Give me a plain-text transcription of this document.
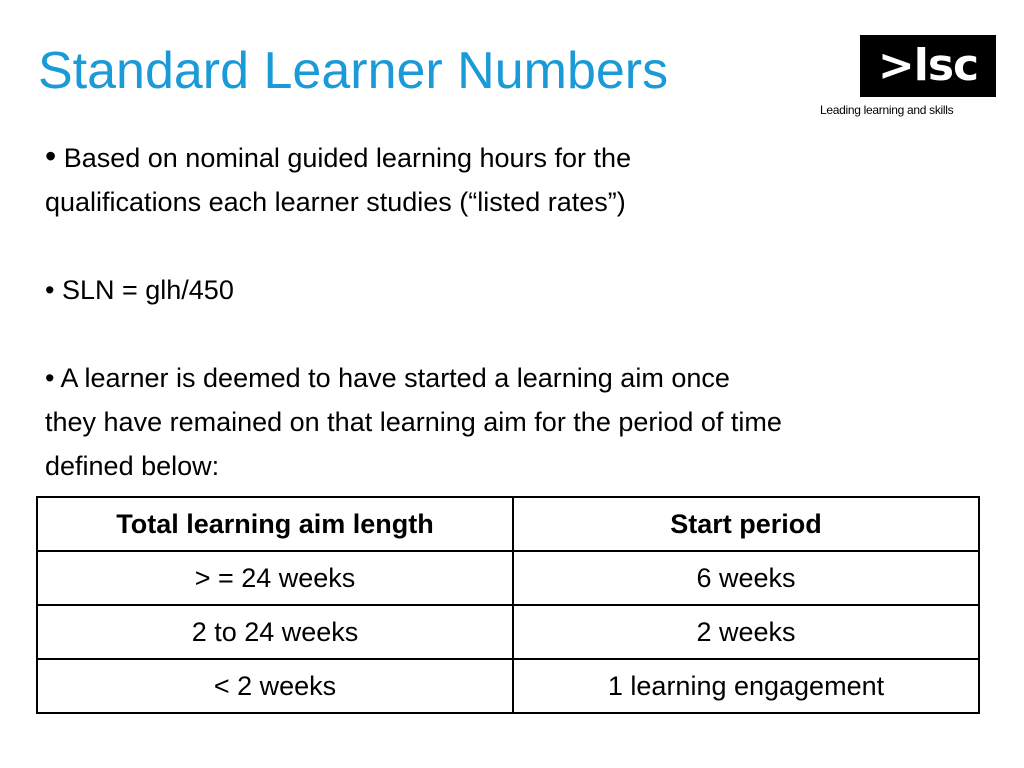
Standard Learner Numbers	>lsc
Leading learning and skills

• Based on nominal guided learning hours for the

qualifications each learner studies (“listed rates”)

• SLN = glh/450

• A learner is deemed to have started a learning aim once

they have remained on that learning aim for the period of time

defined below:

Total learning aim length	Start period
> = 24 weeks	6 weeks
2 to 24 weeks	2 weeks
< 2 weeks	1 learning engagement
